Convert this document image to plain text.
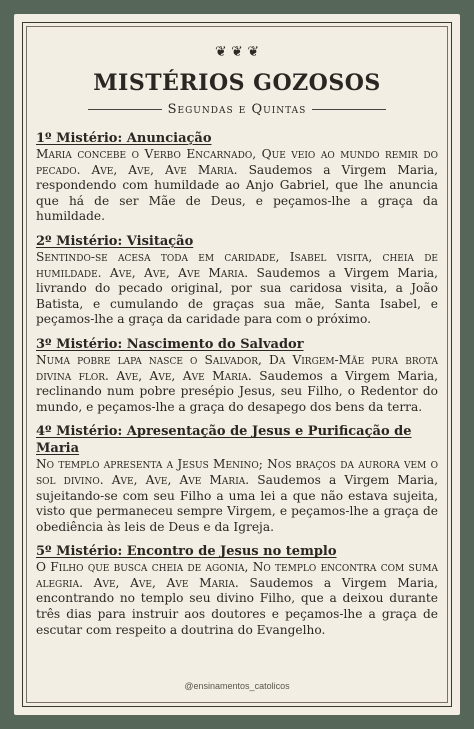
❦ ❦ ❦
MISTÉRIOS GOZOSOS
Segundas e Quintas
1º Mistério: Anunciação

Maria concebe o Verbo Encarnado, Que veio ao mundo remir do pecado. Ave, Ave, Ave Maria. Saudemos a Virgem Maria, respondendo com humildade ao Anjo Gabriel, que lhe anuncia que há de ser Mãe de Deus, e peçamos-lhe a graça da humildade.

2º Mistério: Visitação

Sentindo-se acesa toda em caridade, Isabel visita, cheia de humildade. Ave, Ave, Ave Maria. Saudemos a Virgem Maria, livrando do pecado original, por sua caridosa visita, a João Batista, e cumulando de graças sua mãe, Santa Isabel, e peçamos-lhe a graça da caridade para com o próximo.

3º Mistério: Nascimento do Salvador

Numa pobre lapa nasce o Salvador, Da Virgem-Mãe pura brota divina flor. Ave, Ave, Ave Maria. Saudemos a Virgem Maria, reclinando num pobre presépio Jesus, seu Filho, o Redentor do mundo, e peçamos-lhe a graça do desapego dos bens da terra.

4º Mistério: Apresentação de Jesus e Purificação de Maria

No templo apresenta a Jesus Menino; Nos braços da aurora vem o sol divino. Ave, Ave, Ave Maria. Saudemos a Virgem Maria, sujeitando-se com seu Filho a uma lei a que não estava sujeita, visto que permaneceu sempre Virgem, e peçamos-lhe a graça de obediência às leis de Deus e da Igreja.

5º Mistério: Encontro de Jesus no templo

O Filho que busca cheia de agonia, No templo encontra com suma alegria. Ave, Ave, Ave Maria. Saudemos a Virgem Maria, encontrando no templo seu divino Filho, que a deixou durante três dias para instruir aos doutores e peçamos-lhe a graça de escutar com respeito a doutrina do Evangelho.

@ensinamentos_catolicos
